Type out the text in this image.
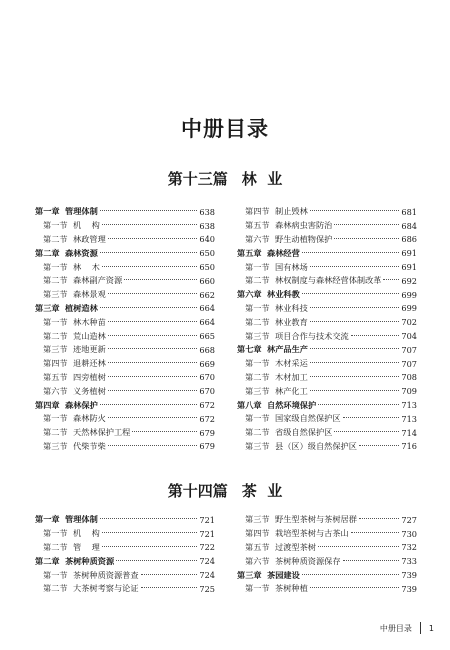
中册目录
第十三篇 林  业
第一章 管理体制	638
第一节 机    构	638
第二节 林政管理	640
第二章 森林资源	650
第一节 林    木	650
第二节 森林副产资源	660
第三节 森林景观	662
第三章 植树造林	664
第一节 林木种苗	664
第二节 荒山造林	665
第三节 迹地更新	668
第四节 退耕还林	669
第五节 四旁植树	670
第六节 义务植树	670
第四章 森林保护	672
第一节 森林防火	672
第二节 天然林保护工程	679
第三节 代柴节柴	679
第四节 制止毁林	681
第五节 森林病虫害防治	684
第六节 野生动植物保护	686
第五章 森林经营	691
第一节 国有林场	691
第二节 林权制度与森林经营体制改革 692
第六章 林业科教	699
第一节 林业科技	699
第二节 林业教育	702
第三节 项目合作与技术交流	704
第七章 林产品生产	707
第一节 木材采运	707
第二节 木材加工	708
第三节 林产化工	709
第八章 自然环境保护	713
第一节 国家级自然保护区	713
第二节 省级自然保护区	714
第三节 县（区）级自然保护区	716
第十四篇 茶  业
第一章 管理体制	721
第一节 机    构	721
第二节 管    理	722
第二章 茶树种质资源	724
第一节 茶树种质资源普查	724
第二节 大茶树考察与论证	725
第三节 野生型茶树与茶树居群	727
第四节 栽培型茶树与古茶山	730
第五节 过渡型茶树	732
第六节 茶树种质资源保存	733
第三章 茶园建设	739
第一节 茶树种植	739
中册目录 1
